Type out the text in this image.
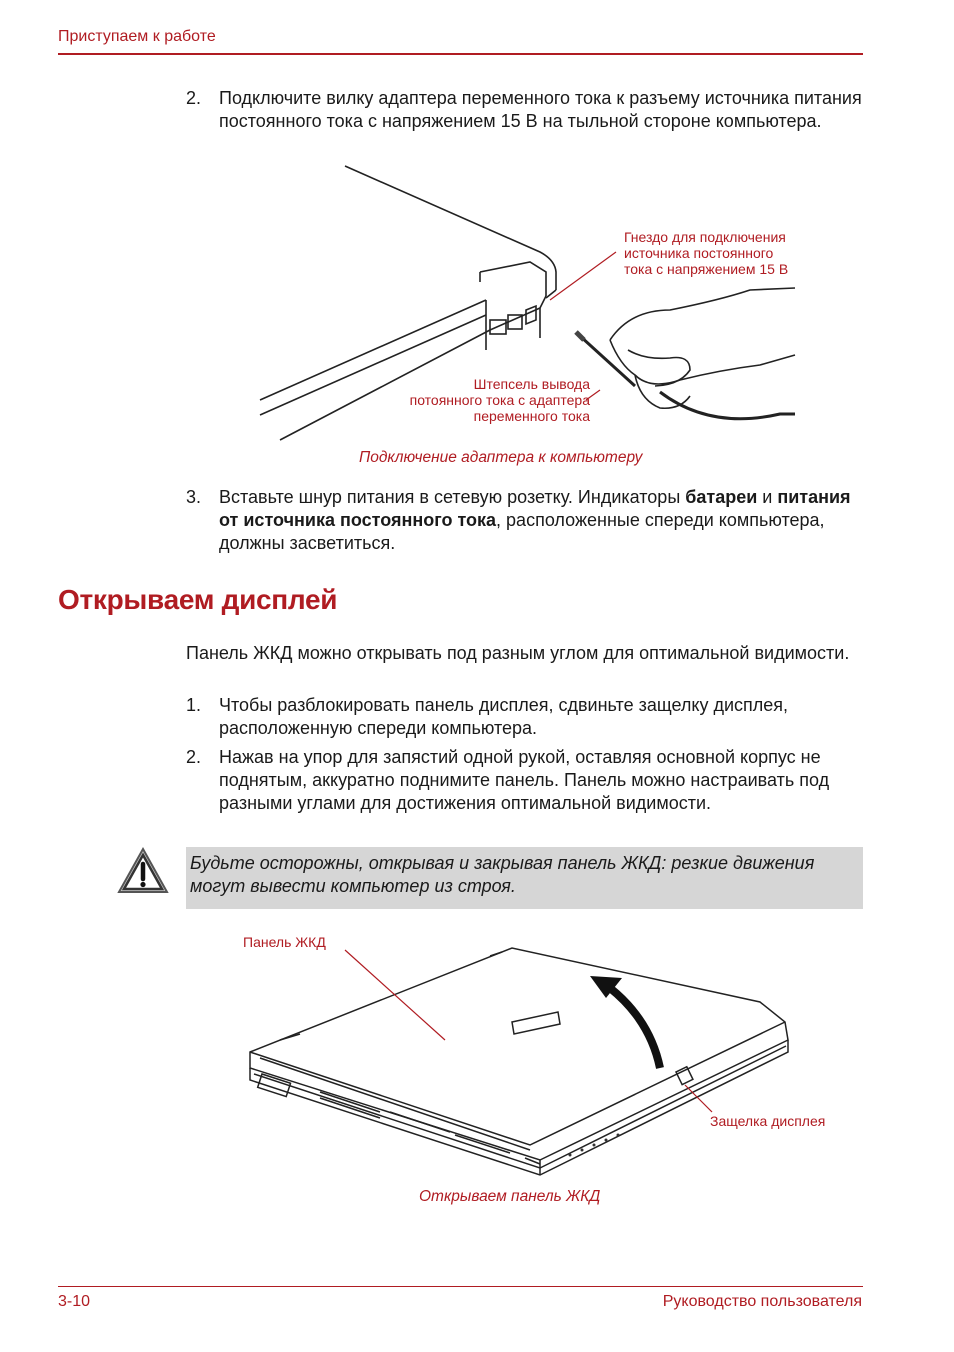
Приступаем к работе
2. Подключите вилку адаптера переменного тока к разъему источника питания постоянного тока с напряжением 15 В на тыльной стороне компьютера.
Гнездо для подключения
источника постоянного
тока с напряжением 15 В
Штепсель вывода
потоянного тока с адаптера
переменного тока
Подключение адаптера к компьютеру
3. Вставьте шнур питания в сетевую розетку. Индикаторы батареи и питания от источника постоянного тока, расположенные спереди компьютера, должны засветиться.
Открываем дисплей
Панель ЖКД можно открывать под разным углом для оптимальной видимости.
1. Чтобы разблокировать панель дисплея, сдвиньте защелку дисплея, расположенную спереди компьютера.
2. Нажав на упор для запястий одной рукой, оставляя основной корпус не поднятым, аккуратно поднимите панель. Панель можно настраивать под разными углами для достижения оптимальной видимости.
Будьте осторожны, открывая и закрывая панель ЖКД: резкие движения могут вывести компьютер из строя.
Панель ЖКД
Защелка дисплея
Открываем панель ЖКД
3-10	Руководство пользователя
